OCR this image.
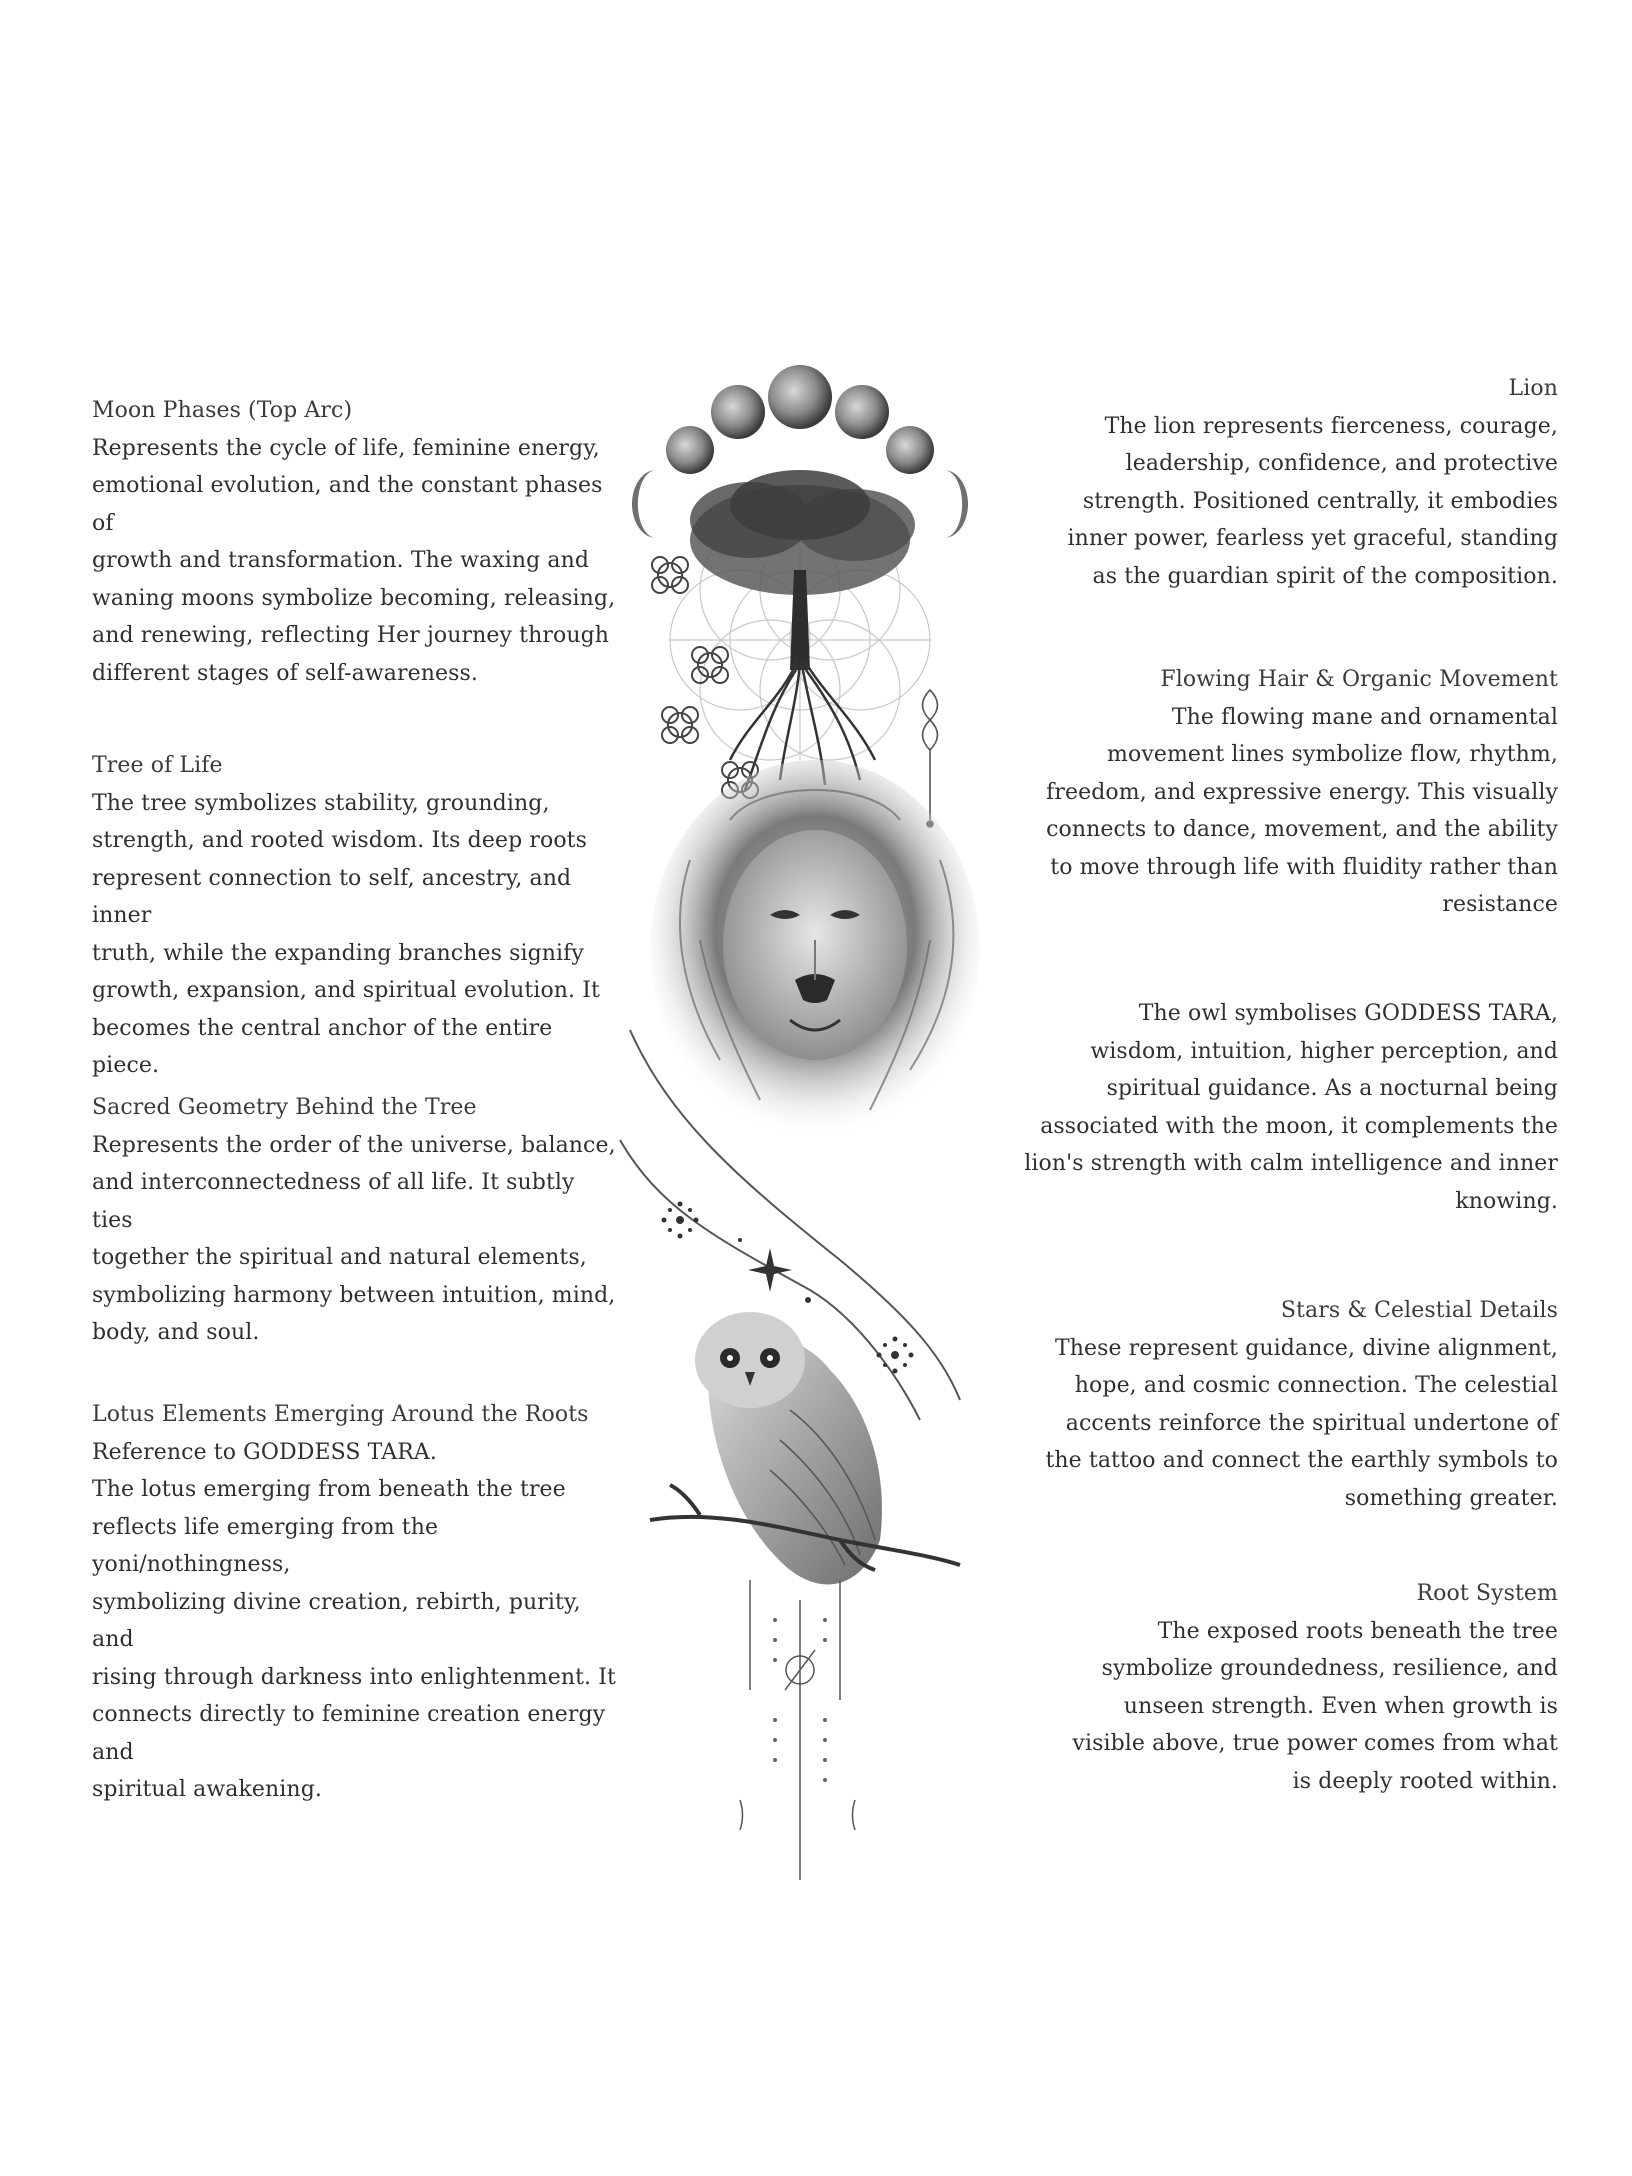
Moon Phases (Top Arc)

Represents the cycle of life, feminine energy,

emotional evolution, and the constant phases of

growth and transformation. The waxing and

waning moons symbolize becoming, releasing,

and renewing, reflecting Her journey through

different stages of self-awareness.

Tree of Life

The tree symbolizes stability, grounding,

strength, and rooted wisdom. Its deep roots

represent connection to self, ancestry, and inner

truth, while the expanding branches signify

growth, expansion, and spiritual evolution. It

becomes the central anchor of the entire piece.

Sacred Geometry Behind the Tree

Represents the order of the universe, balance,

and interconnectedness of all life. It subtly ties

together the spiritual and natural elements,

symbolizing harmony between intuition, mind,

body, and soul.

Lotus Elements Emerging Around the Roots

Reference to GODDESS TARA.

The lotus emerging from beneath the tree

reflects life emerging from the yoni/nothingness,

symbolizing divine creation, rebirth, purity, and

rising through darkness into enlightenment. It

connects directly to feminine creation energy and

spiritual awakening.

Lion

The lion represents fierceness, courage,

leadership, confidence, and protective

strength. Positioned centrally, it embodies

inner power, fearless yet graceful, standing

as the guardian spirit of the composition.

Flowing Hair & Organic Movement

The flowing mane and ornamental

movement lines symbolize flow, rhythm,

freedom, and expressive energy. This visually

connects to dance, movement, and the ability

to move through life with fluidity rather than

resistance

The owl symbolises GODDESS TARA,

wisdom, intuition, higher perception, and

spiritual guidance. As a nocturnal being

associated with the moon, it complements the

lion's strength with calm intelligence and inner

knowing.

Stars & Celestial Details

These represent guidance, divine alignment,

hope, and cosmic connection. The celestial

accents reinforce the spiritual undertone of

the tattoo and connect the earthly symbols to

something greater.

Root System

The exposed roots beneath the tree

symbolize groundedness, resilience, and

unseen strength. Even when growth is

visible above, true power comes from what

is deeply rooted within.
